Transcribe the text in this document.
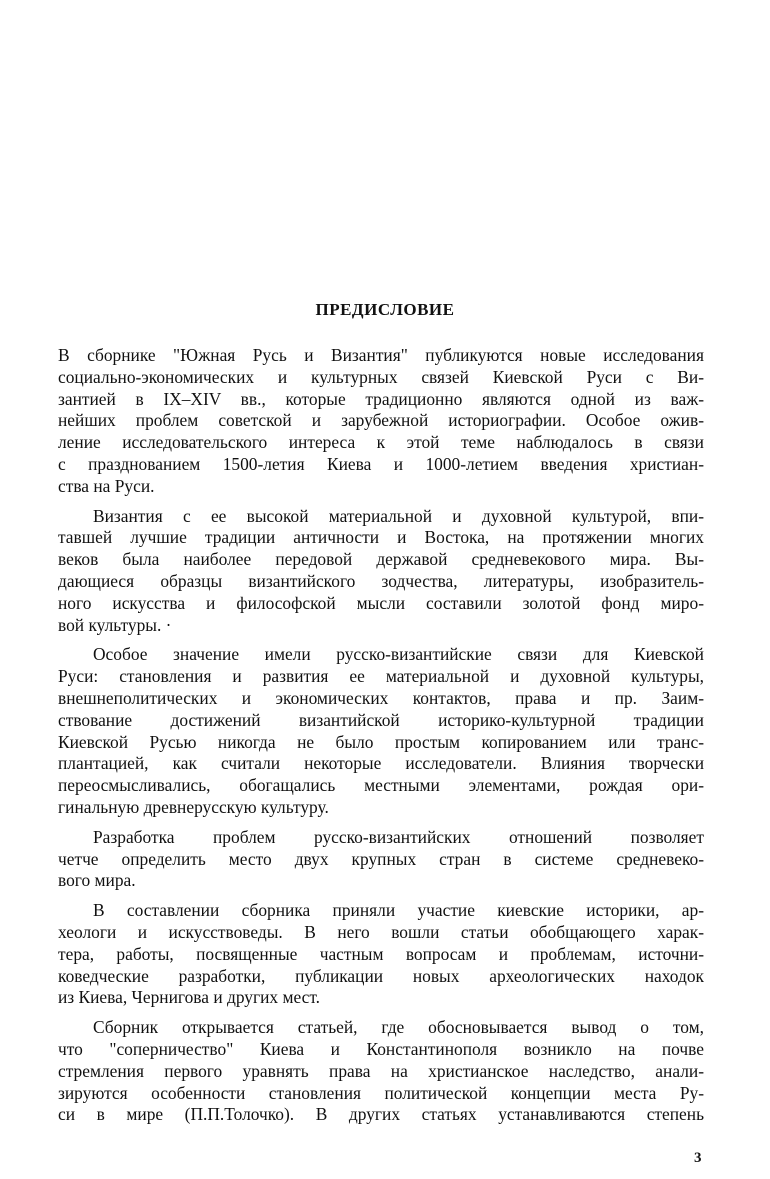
ПРЕДИСЛОВИЕ

В сборнике "Южная Русь и Византия" публикуются новые исследования
социально-экономических и культурных связей Киевской Руси с Ви-
зантией в IX–XIV вв., которые традиционно являются одной из важ-
нейших проблем советской и зарубежной историографии. Особое ожив-
ление исследовательского интереса к этой теме наблюдалось в связи
с празднованием 1500-летия Киева и 1000-летием введения христиан-
ства на Руси.

Византия с ее высокой материальной и духовной культурой, впи-
тавшей лучшие традиции античности и Востока, на протяжении многих
веков была наиболее передовой державой средневекового мира. Вы-
дающиеся образцы византийского зодчества, литературы, изобразитель-
ного искусства и философской мысли составили золотой фонд миро-
вой культуры. ·

Особое значение имели русско-византийские связи для Киевской
Руси: становления и развития ее материальной и духовной культуры,
внешнеполитических и экономических контактов, права и пр. Заим-
ствование достижений византийской историко-культурной традиции
Киевской Русью никогда не было простым копированием или транс-
плантацией, как считали некоторые исследователи. Влияния творчески
переосмысливались, обогащались местными элементами, рождая ори-
гинальную древнерусскую культуру.

Разработка проблем русско-византийских отношений позволяет
четче определить место двух крупных стран в системе средневеко-
вого мира.

В составлении сборника приняли участие киевские историки, ар-
хеологи и искусствоведы. В него вошли статьи обобщающего харак-
тера, работы, посвященные частным вопросам и проблемам, источни-
коведческие разработки, публикации новых археологических находок
из Киева, Чернигова и других мест.

Сборник открывается статьей, где обосновывается вывод о том,
что "соперничество" Киева и Константинополя возникло на почве
стремления первого уравнять права на христианское наследство, анали-
зируются особенности становления политической концепции места Ру-
си в мире (П.П.Толочко). В других статьях устанавливаются степень

3
